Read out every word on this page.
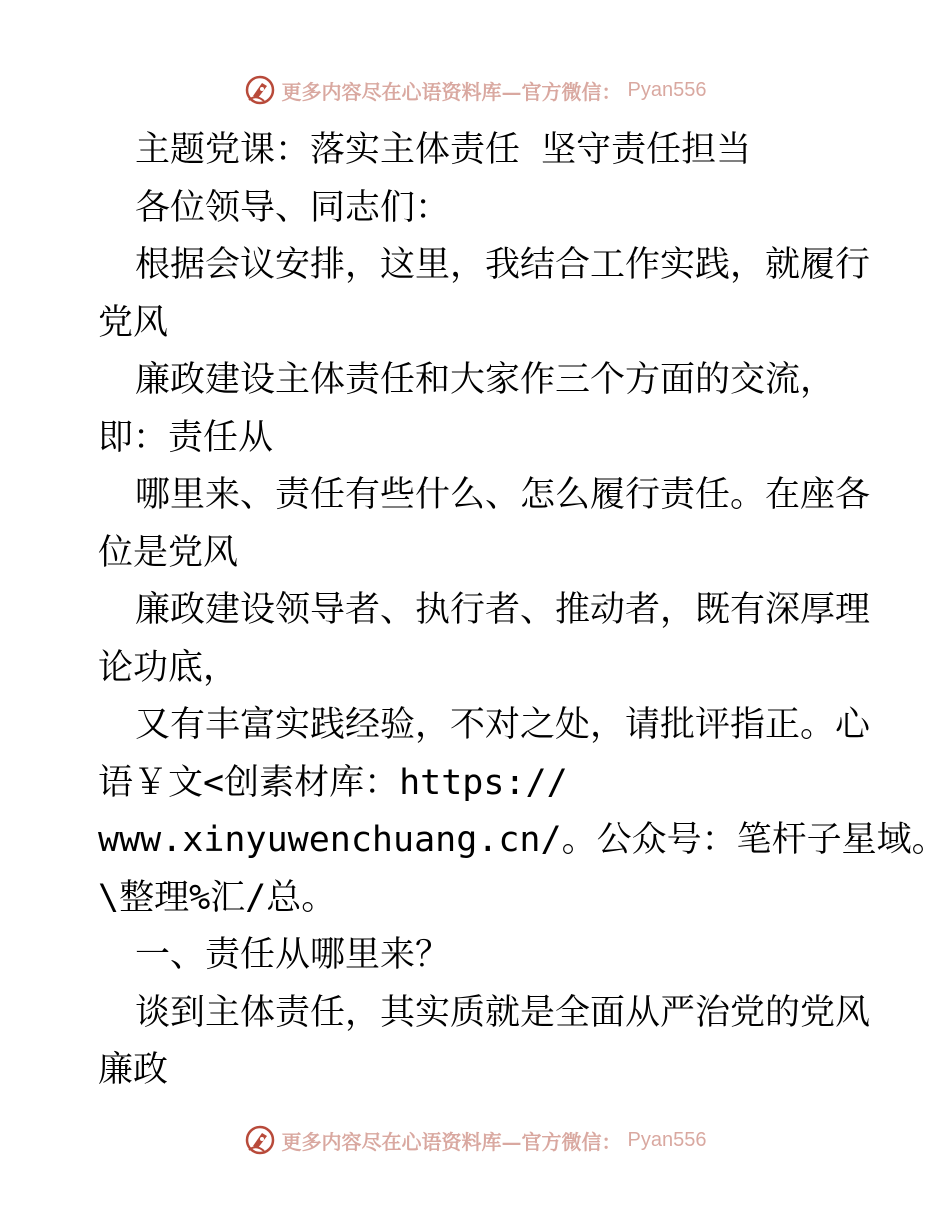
更多内容尽在心语资料库—官方微信： Pyan556
主题党课：落实主体责任 坚守责任担当
各位领导、同志们：
根据会议安排，这里，我结合工作实践，就履行
党风
廉政建设主体责任和大家作三个方面的交流，
即：责任从
哪里来、责任有些什么、怎么履行责任。在座各
位是党风
廉政建设领导者、执行者、推动者，既有深厚理
论功底，
又有丰富实践经验，不对之处，请批评指正。心
语￥文<创素材库：https://
www.xinyuwenchuang.cn/。公众号：笔杆子星域。
\整理%汇/总。
一、责任从哪里来？
谈到主体责任，其实质就是全面从严治党的党风
廉政
更多内容尽在心语资料库—官方微信： Pyan556
